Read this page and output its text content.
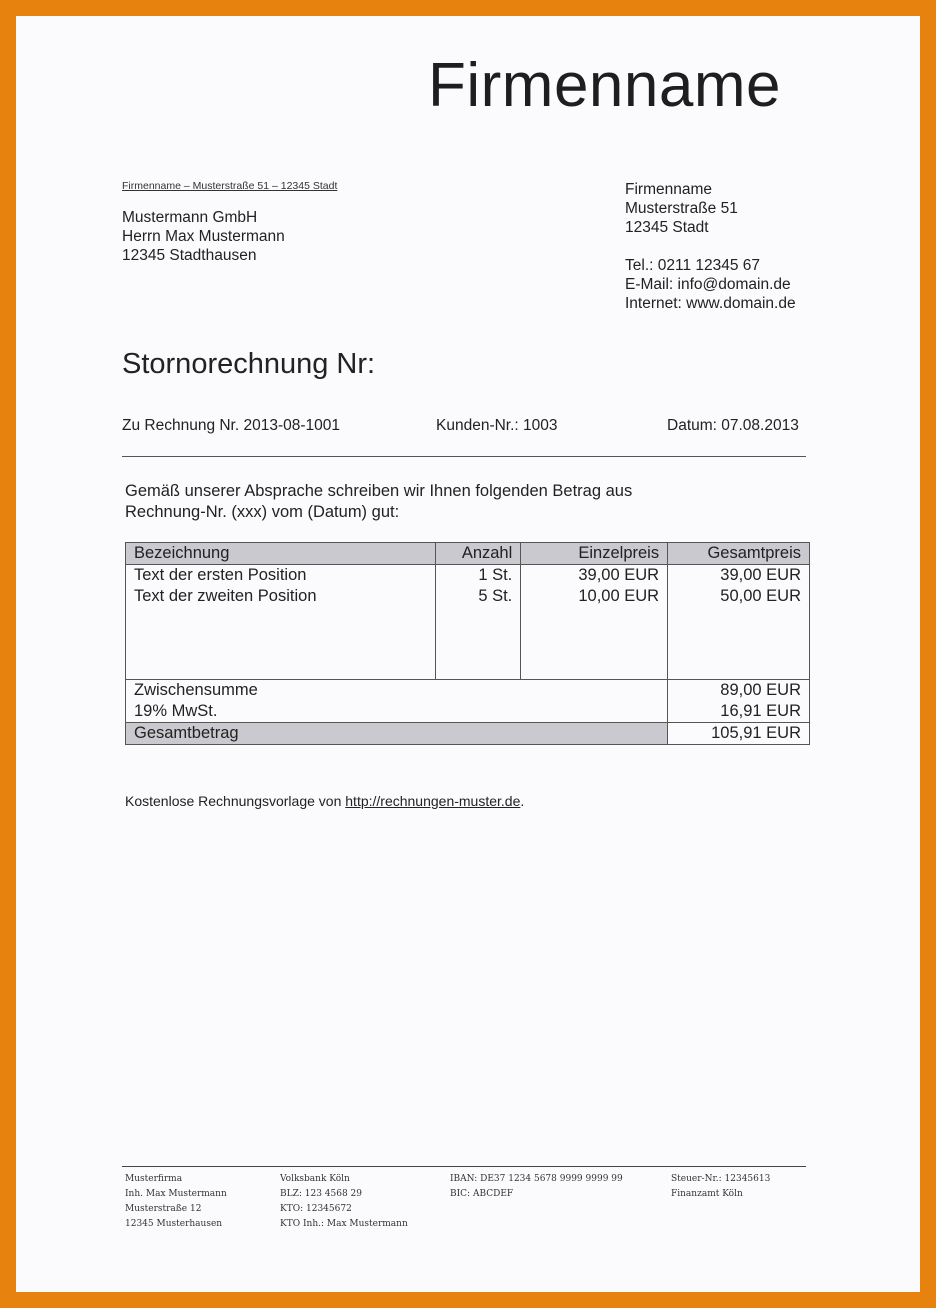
Firmenname
Firmenname – Musterstraße 51 – 12345 Stadt
Mustermann GmbH
Herrn Max Mustermann
12345 Stadthausen
Firmenname
Musterstraße 51
12345 Stadt
Tel.: 0211 12345 67
E-Mail: info@domain.de
Internet: www.domain.de
Stornorechnung Nr:
Zu Rechnung Nr. 2013-08-1001	Kunden-Nr.: 1003	Datum: 07.08.2013
Gemäß unserer Absprache schreiben wir Ihnen folgenden Betrag aus
Rechnung-Nr. (xxx) vom (Datum) gut:
Bezeichnung	Anzahl	Einzelpreis	Gesamtpreis
Text der ersten Position	1 St.	39,00 EUR	39,00 EUR
Text der zweiten Position	5 St.	10,00 EUR	50,00 EUR

Zwischensumme			89,00 EUR
19% MwSt.			16,91 EUR
Gesamtbetrag			105,91 EUR
Kostenlose Rechnungsvorlage von http://rechnungen-muster.de.
Musterfirma
Inh. Max Mustermann
Musterstraße 12
12345 Musterhausen
Volksbank Köln
BLZ: 123 4568 29
KTO: 12345672
KTO Inh.: Max Mustermann
IBAN: DE37 1234 5678 9999 9999 99
BIC: ABCDEF
Steuer-Nr.: 12345613
Finanzamt Köln
